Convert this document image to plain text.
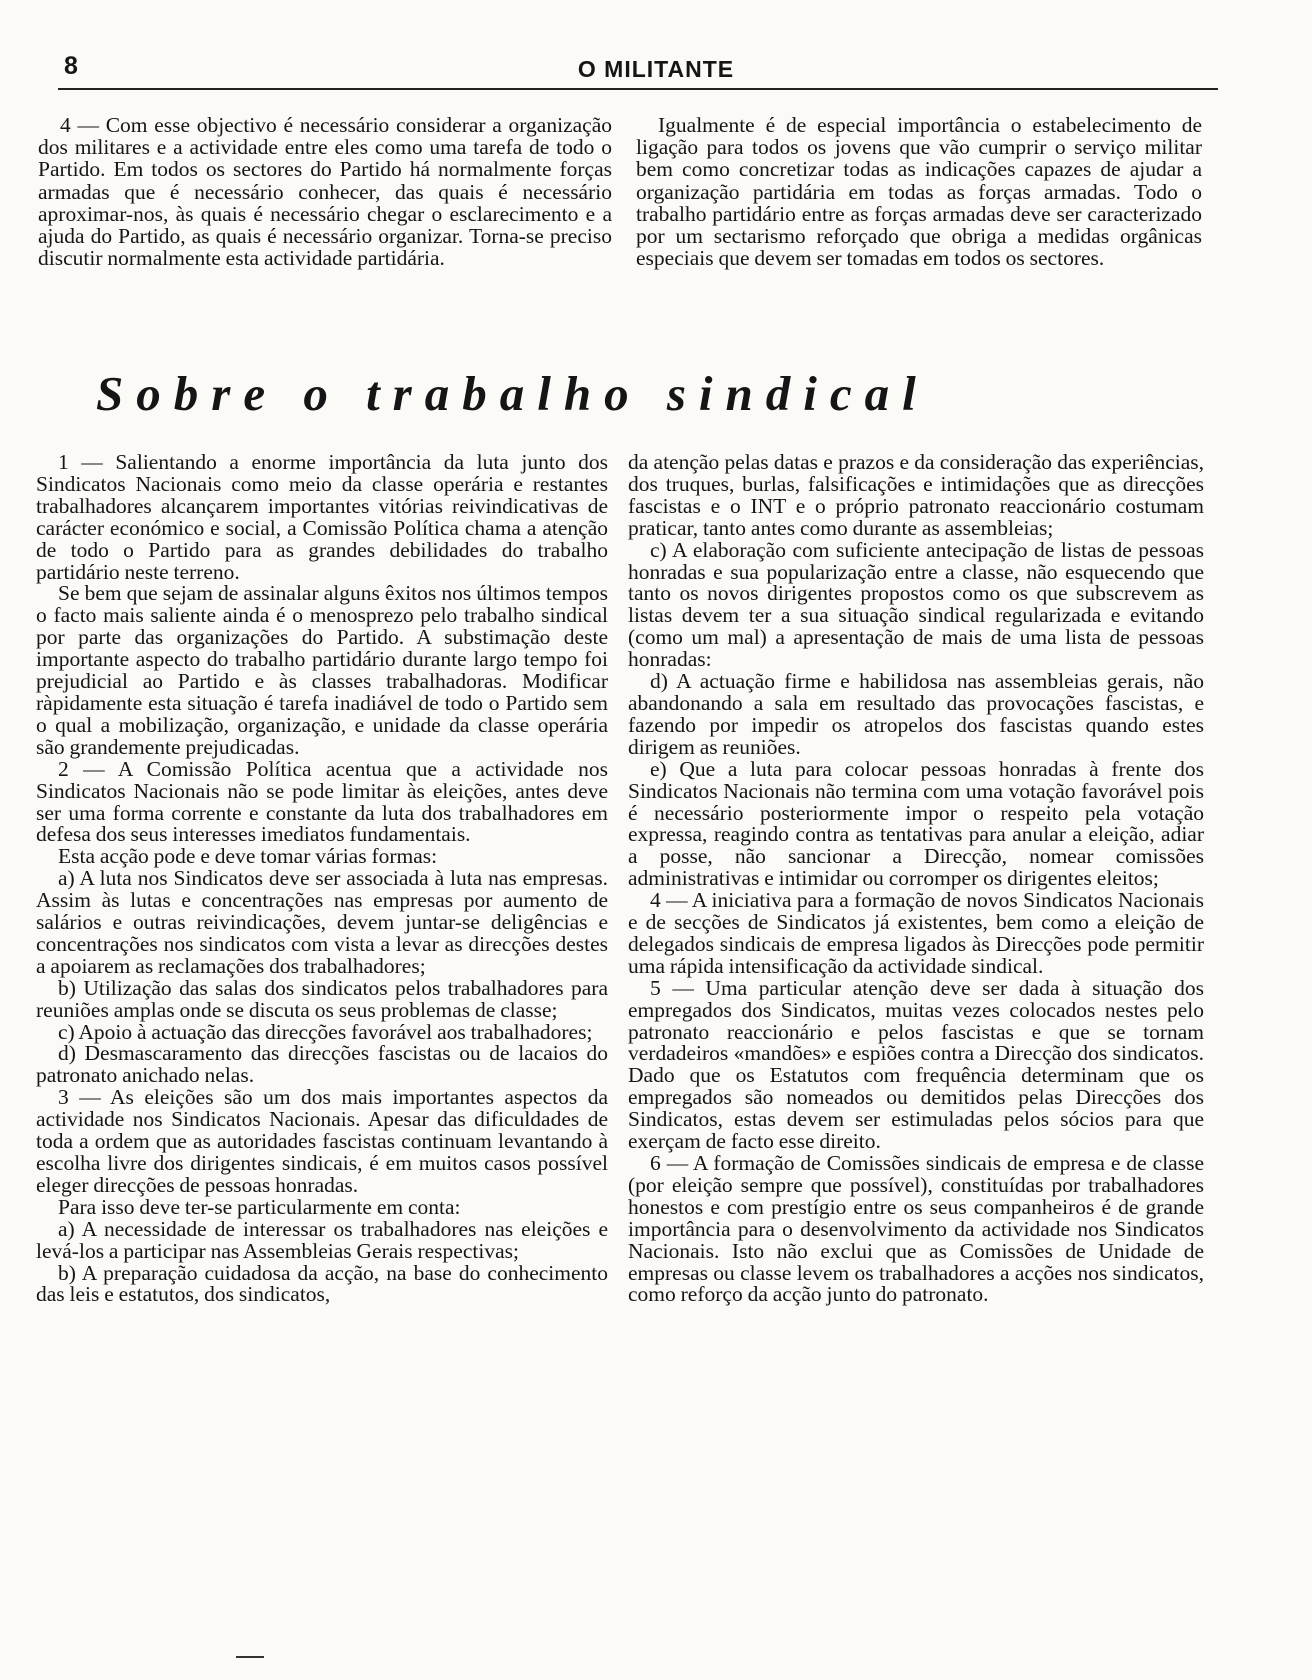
8	O MILITANTE

4 — Com esse objectivo é necessário considerar a organização dos militares e a actividade entre eles como uma tarefa de todo o Partido. Em todos os sectores do Partido há normalmente forças armadas que é necessário conhecer, das quais é necessário aproximar-nos, às quais é necessário chegar o esclarecimento e a ajuda do Partido, as quais é necessário organizar. Torna-se preciso discutir normalmente esta actividade partidária.

Igualmente é de especial importância o estabelecimento de ligação para todos os jovens que vão cumprir o serviço militar bem como concretizar todas as indicações capazes de ajudar a organização partidária em todas as forças armadas. Todo o trabalho partidário entre as forças armadas deve ser caracterizado por um sectarismo reforçado que obriga a medidas orgânicas especiais que devem ser tomadas em todos os sectores.

Sobre o trabalho sindical

1 — Salientando a enorme importância da luta junto dos Sindicatos Nacionais como meio da classe operária e restantes trabalhadores alcançarem importantes vitórias reivindicativas de carácter económico e social, a Comissão Política chama a atenção de todo o Partido para as grandes debilidades do trabalho partidário neste terreno.

Se bem que sejam de assinalar alguns êxitos nos últimos tempos o facto mais saliente ainda é o menosprezo pelo trabalho sindical por parte das organizações do Partido. A substimação deste importante aspecto do trabalho partidário durante largo tempo foi prejudicial ao Partido e às classes trabalhadoras. Modificar ràpidamente esta situação é tarefa inadiável de todo o Partido sem o qual a mobilização, organização, e unidade da classe operária são grandemente prejudicadas.

2 — A Comissão Política acentua que a actividade nos Sindicatos Nacionais não se pode limitar às eleições, antes deve ser uma forma corrente e constante da luta dos trabalhadores em defesa dos seus interesses imediatos fundamentais.

Esta acção pode e deve tomar várias formas:

a) A luta nos Sindicatos deve ser associada à luta nas empresas. Assim às lutas e concentrações nas empresas por aumento de salários e outras reivindicações, devem juntar-se deligências e concentrações nos sindicatos com vista a levar as direcções destes a apoiarem as reclamações dos trabalhadores;

b) Utilização das salas dos sindicatos pelos trabalhadores para reuniões amplas onde se discuta os seus problemas de classe;

c) Apoio à actuação das direcções favorável aos trabalhadores;

d) Desmascaramento das direcções fascistas ou de lacaios do patronato anichado nelas.

3 — As eleições são um dos mais importantes aspectos da actividade nos Sindicatos Nacionais. Apesar das dificuldades de toda a ordem que as autoridades fascistas continuam levantando à escolha livre dos dirigentes sindicais, é em muitos casos possível eleger direcções de pessoas honradas.

Para isso deve ter-se particularmente em conta:

a) A necessidade de interessar os trabalhadores nas eleições e levá-los a participar nas Assembleias Gerais respectivas;

b) A preparação cuidadosa da acção, na base do conhecimento das leis e estatutos, dos sindicatos,

da atenção pelas datas e prazos e da consideração das experiências, dos truques, burlas, falsificações e intimidações que as direcções fascistas e o INT e o próprio patronato reaccionário costumam praticar, tanto antes como durante as assembleias;

c) A elaboração com suficiente antecipação de listas de pessoas honradas e sua popularização entre a classe, não esquecendo que tanto os novos dirigentes propostos como os que subscrevem as listas devem ter a sua situação sindical regularizada e evitando (como um mal) a apresentação de mais de uma lista de pessoas honradas:

d) A actuação firme e habilidosa nas assembleias gerais, não abandonando a sala em resultado das provocações fascistas, e fazendo por impedir os atropelos dos fascistas quando estes dirigem as reuniões.

e) Que a luta para colocar pessoas honradas à frente dos Sindicatos Nacionais não termina com uma votação favorável pois é necessário posteriormente impor o respeito pela votação expressa, reagindo contra as tentativas para anular a eleição, adiar a posse, não sancionar a Direcção, nomear comissões administrativas e intimidar ou corromper os dirigentes eleitos;

4 — A iniciativa para a formação de novos Sindicatos Nacionais e de secções de Sindicatos já existentes, bem como a eleição de delegados sindicais de empresa ligados às Direcções pode permitir uma rápida intensificação da actividade sindical.

5 — Uma particular atenção deve ser dada à situação dos empregados dos Sindicatos, muitas vezes colocados nestes pelo patronato reaccionário e pelos fascistas e que se tornam verdadeiros «mandões» e espiões contra a Direcção dos sindicatos. Dado que os Estatutos com frequência determinam que os empregados são nomeados ou demitidos pelas Direcções dos Sindicatos, estas devem ser estimuladas pelos sócios para que exerçam de facto esse direito.

6 — A formação de Comissões sindicais de empresa e de classe (por eleição sempre que possível), constituídas por trabalhadores honestos e com prestígio entre os seus companheiros é de grande importância para o desenvolvimento da actividade nos Sindicatos Nacionais. Isto não exclui que as Comissões de Unidade de empresas ou classe levem os trabalhadores a acções nos sindicatos, como reforço da acção junto do patronato.
